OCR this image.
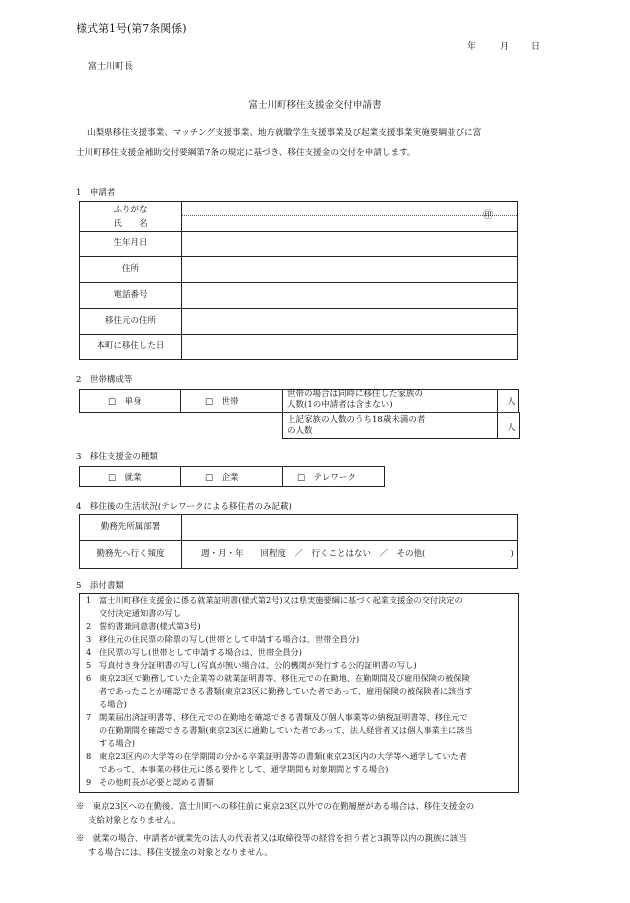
様式第1号(第7条関係)
年	月 日
富士川町長
富士川町移住支援金交付申請書
山梨県移住支援事業、マッチング支援事業、地方就職学生支援事業及び起業支援事業実施要綱並びに富
士川町移住支援金補助交付要綱第7条の規定に基づき、移住支援金の交付を申請します。
1　申請者
ふりがな
氏　　名	㊞

生年月日	
住所	
電話番号	
移住元の住所	
本町に移住した日	
2　世帯構成等
□　単身	□　世帯
世帯の場合は同時に移住した家族の
人数(1の申請者は含まない)	人
上記家族の人数のうち18歳未満の者
の人数	人
3　移住支援金の種類
□　就業	□　企業	□　テレワーク
4　移住後の生活状況(テレワークによる移住者のみ記載)
勤務先所属部署	
勤務先へ行く頻度	週・月・年　　回程度　／　行くことはない　／　その他(　　　　　　　　　　)
5　添付書類
1 富士川町移住支援金に係る就業証明書(様式第2号)又は県実施要綱に基づく起業支援金の交付決定の
交付決定通知書の写し
2 誓約書兼同意書(様式第3号)
3 移住元の住民票の除票の写し(世帯として申請する場合は、世帯全員分)
4 住民票の写し(世帯として申請する場合は、世帯全員分)
5 写真付き身分証明書の写し(写真が無い場合は、公的機関が発行する公的証明書の写し)
6 東京23区で勤務していた企業等の就業証明書等、移住元での在勤地、在勤期間及び雇用保険の被保険
者であったことが確認できる書類(東京23区に勤務していた者であって、雇用保険の被保険者に該当す
る場合)
7 開業届出済証明書等、移住元での在勤地を確認できる書類及び個人事業等の納税証明書等、移住元で
の在勤期間を確認できる書類(東京23区に通勤していた者であって、法人経営者又は個人事業主に該当
する場合)
8 東京23区内の大学等の在学期間の分かる卒業証明書等の書類(東京23区内の大学等へ通学していた者
であって、本事業の移住元に係る要件として、通学期間も対象期間とする場合)
9 その他町長が必要と認める書類
※　 東京23区への在勤後、富士川町への移住前に東京23区以外での在勤履歴がある場合は、移住支援金の
支給対象となりません。
※　 就業の場合、申請者が就業先の法人の代表者又は取締役等の経営を担う者と3親等以内の親族に該当
する場合には、移住支援金の対象となりません。
